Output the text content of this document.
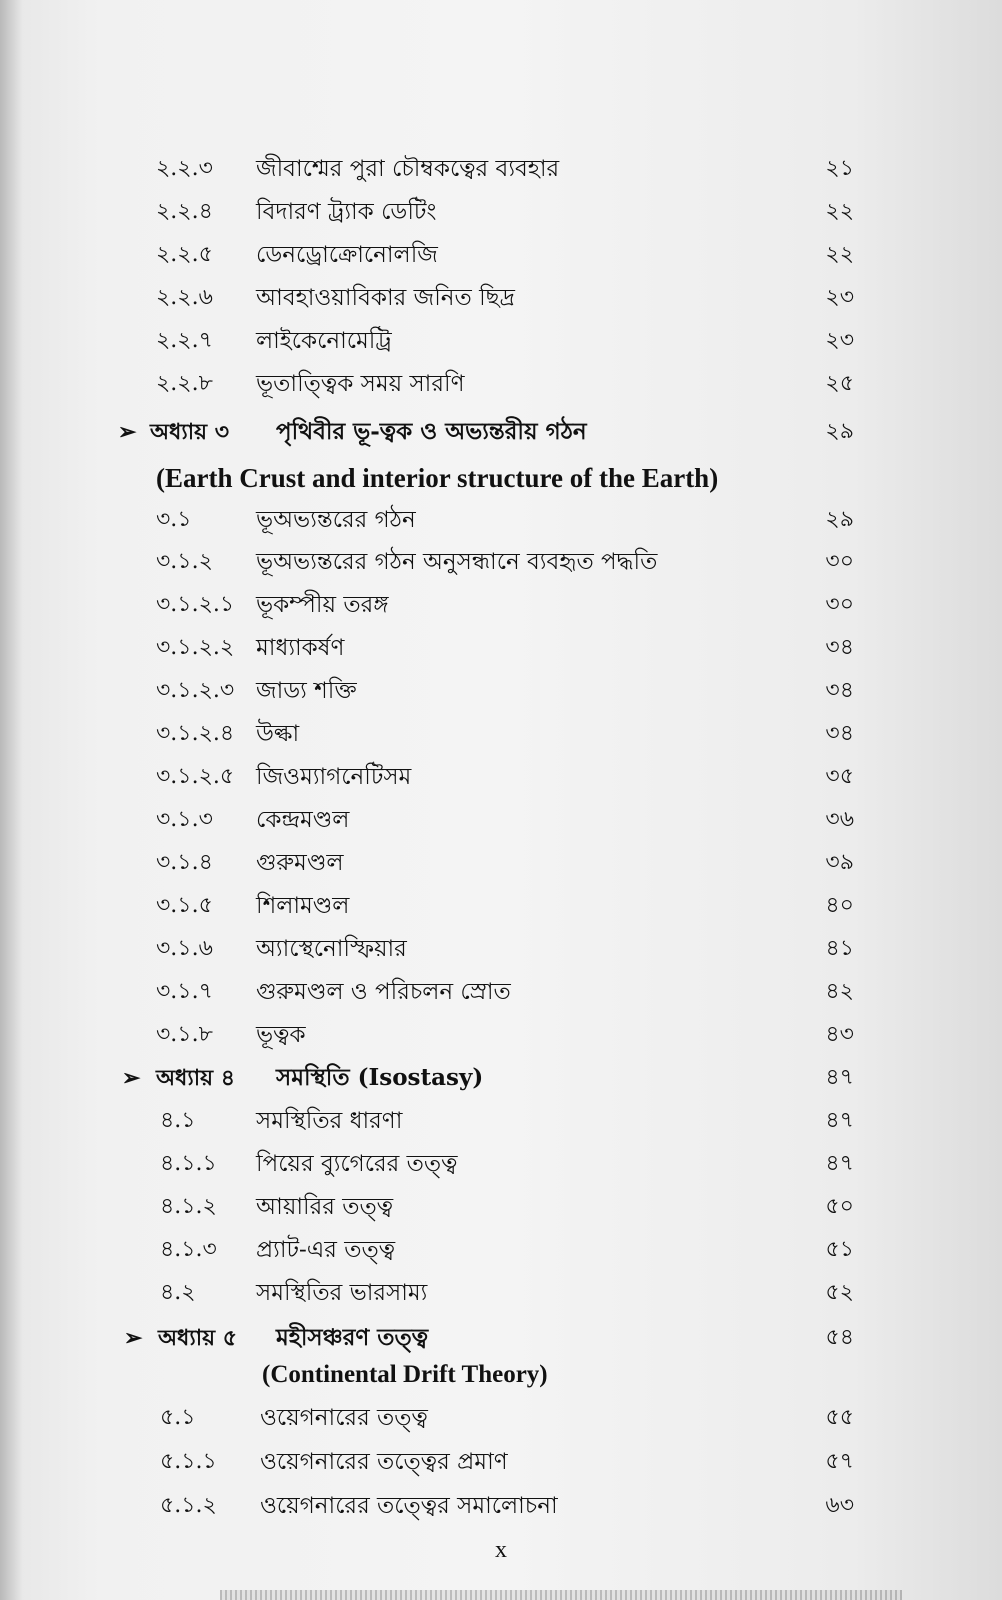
২.২.৩ জীবাশ্মের পুরা চৌম্বকত্বের ব্যবহার	২১
২.২.৪ বিদারণ ট্র্যাক ডেটিং	২২
২.২.৫ ডেনড্রোক্রোনোলজি	২২
২.২.৬ আবহাওয়াবিকার জনিত ছিদ্র	২৩
২.২.৭ লাইকেনোমেট্রি	২৩
২.২.৮ ভূতাত্ত্বিক সময় সারণি	২৫
➢ অধ্যায় ৩ পৃথিবীর ভূ-ত্বক ও অভ্যন্তরীয় গঠন	২৯
(Earth Crust and interior structure of the Earth)
৩.১	ভূঅভ্যন্তরের গঠন	২৯
৩.১.২ ভূঅভ্যন্তরের গঠন অনুসন্ধানে ব্যবহৃত পদ্ধতি	৩০
৩.১.২.১ ভূকম্পীয় তরঙ্গ	৩০
৩.১.২.২ মাধ্যাকর্ষণ	৩৪
৩.১.২.৩ জাড্য শক্তি	৩৪
৩.১.২.৪ উল্কা	৩৪
৩.১.২.৫ জিওম্যাগনেটিসম	৩৫
৩.১.৩ কেন্দ্রমণ্ডল	৩৬
৩.১.৪ গুরুমণ্ডল	৩৯
৩.১.৫ শিলামণ্ডল	৪০
৩.১.৬ অ্যাস্থেনোস্ফিয়ার	৪১
৩.১.৭ গুরুমণ্ডল ও পরিচলন স্রোত	৪২
৩.১.৮ ভূত্বক	৪৩
➢ অধ্যায় ৪ সমস্থিতি (Isostasy)	৪৭
৪.১	সমস্থিতির ধারণা	৪৭
৪.১.১ পিয়ের ব্যুগেরের তত্ত্ব	৪৭
৪.১.২ আয়ারির তত্ত্ব	৫০
৪.১.৩ প্র্যাট-এর তত্ত্ব	৫১
৪.২	সমস্থিতির ভারসাম্য	৫২
➢ অধ্যায় ৫ মহীসঞ্চরণ তত্ত্ব	৫৪
(Continental Drift Theory)
৫.১	ওয়েগনারের তত্ত্ব	৫৫
৫.১.১ ওয়েগনারের তত্ত্বের প্রমাণ	৫৭
৫.১.২ ওয়েগনারের তত্ত্বের সমালোচনা	৬৩
x
